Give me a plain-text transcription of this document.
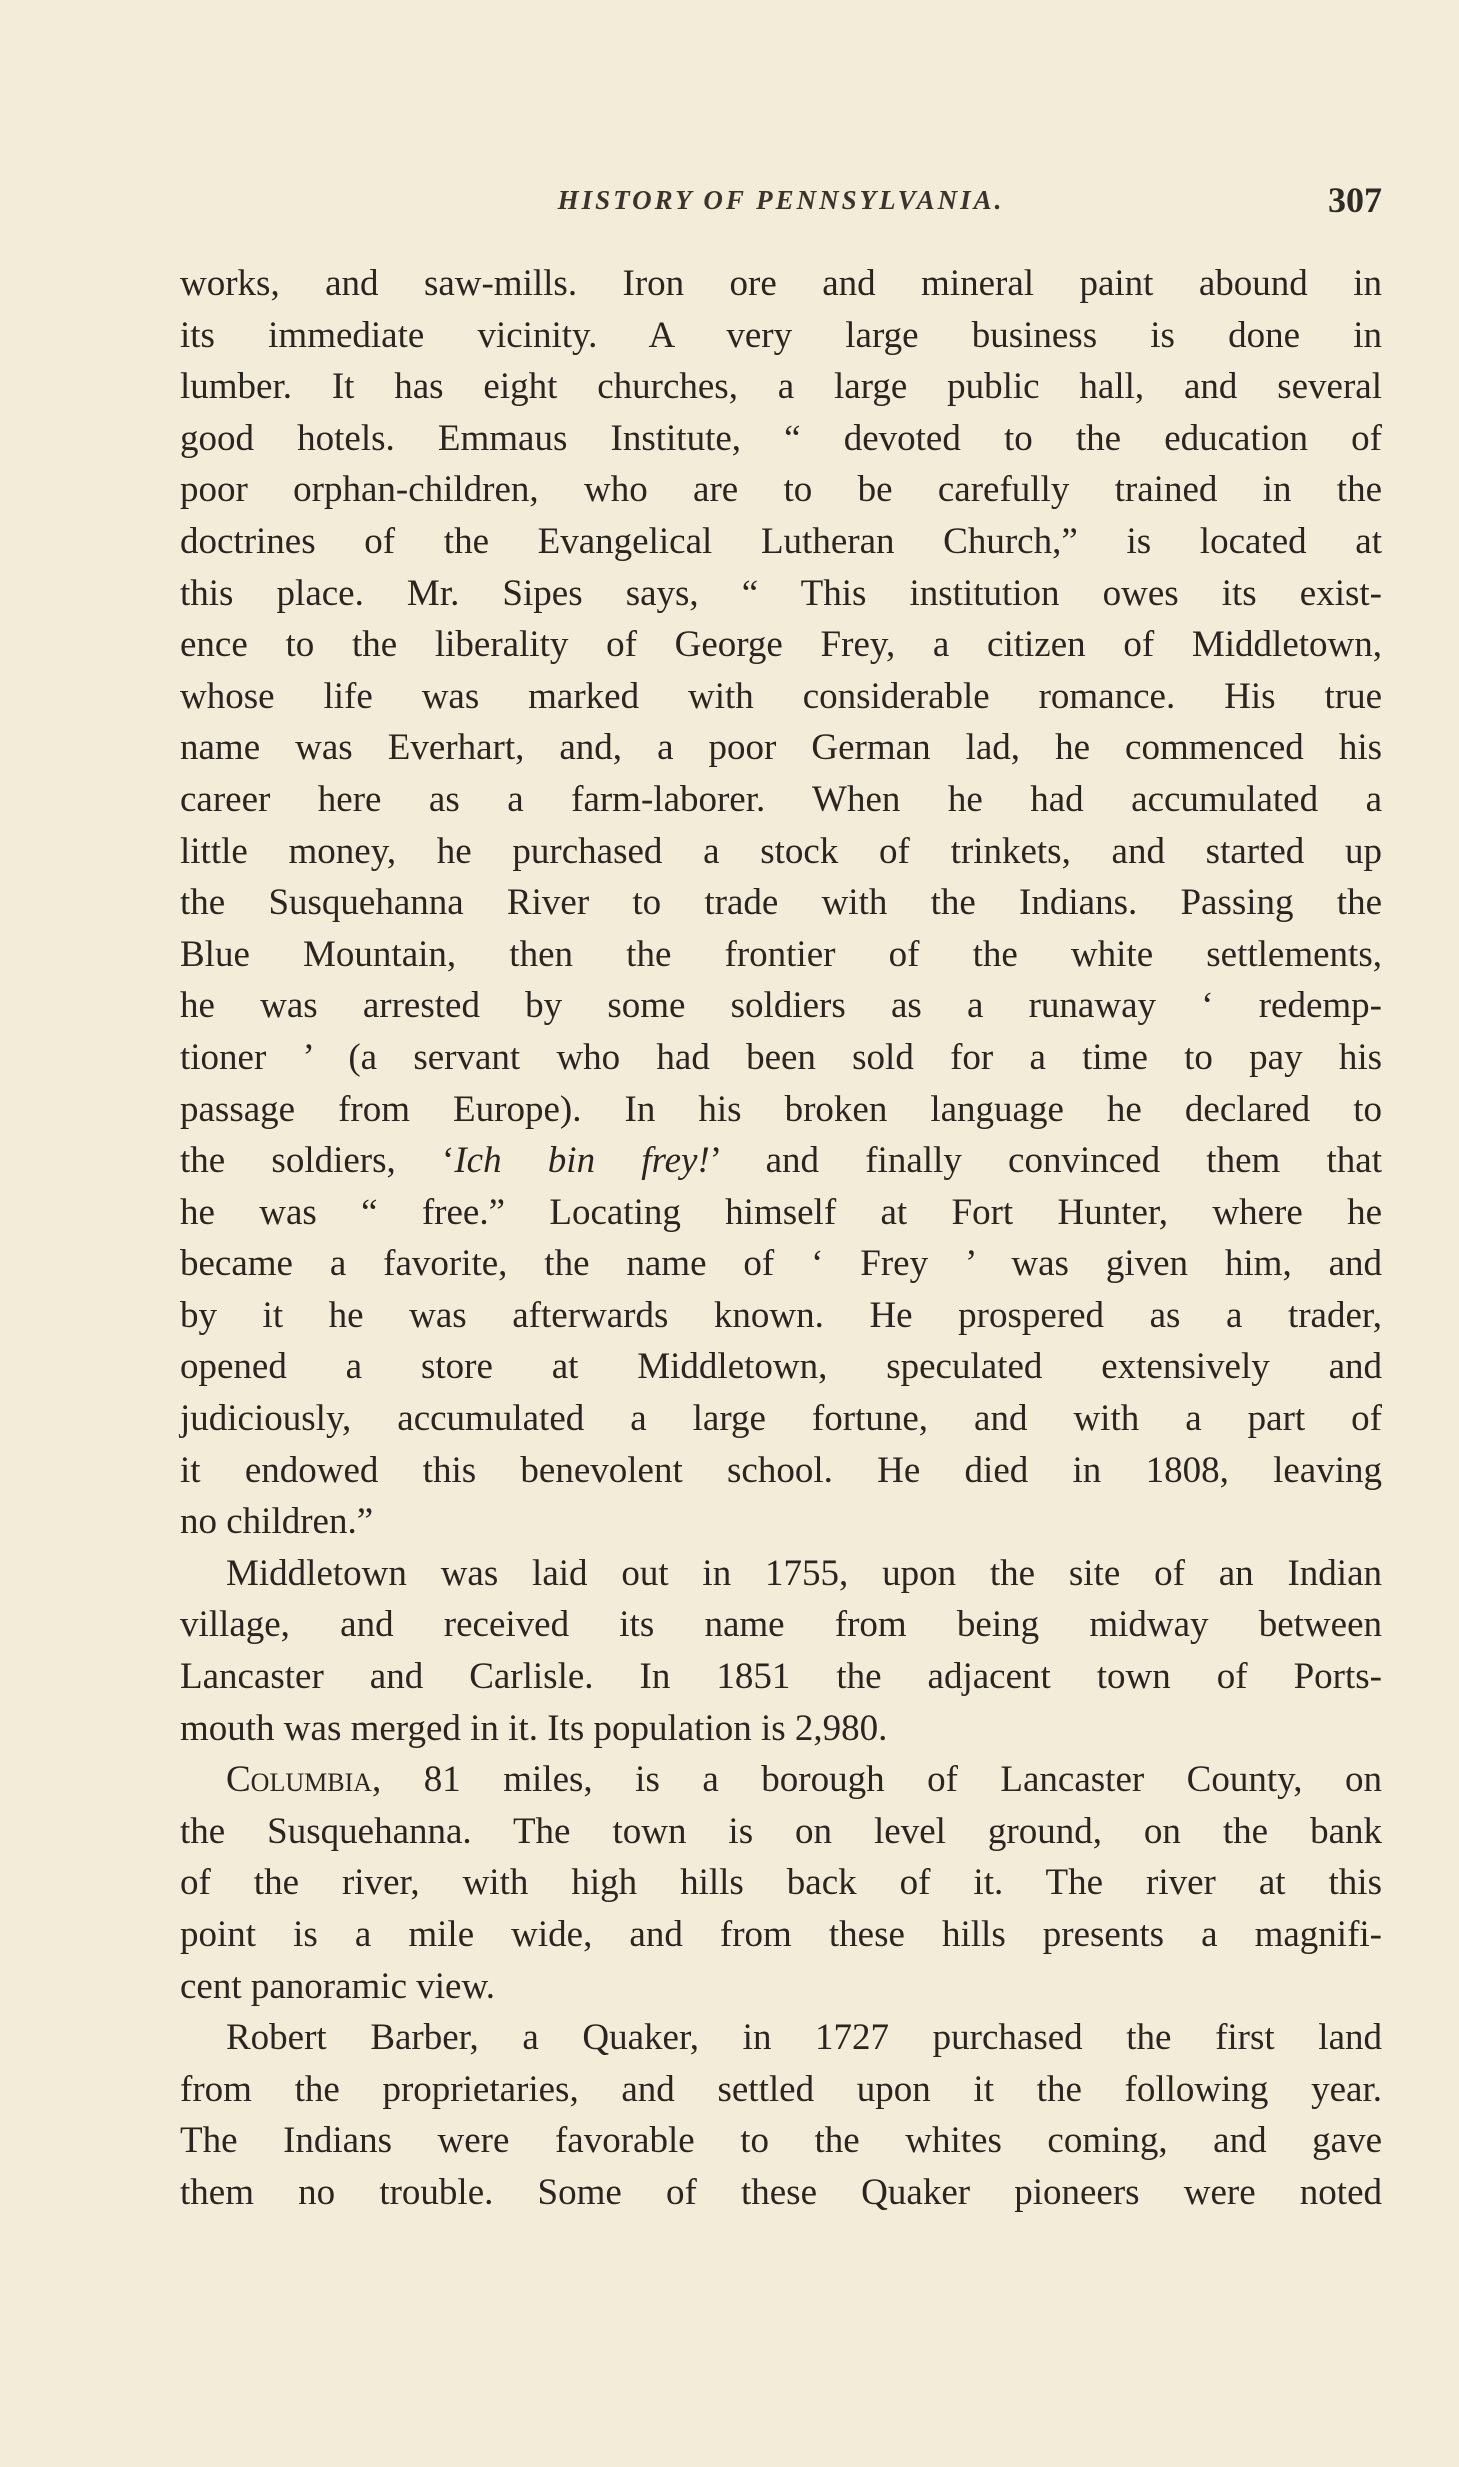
HISTORY OF PENNSYLVANIA.	307
works, and saw-mills. Iron ore and mineral paint abound in
its immediate vicinity. A very large business is done in
lumber. It has eight churches, a large public hall, and several
good hotels. Emmaus Institute, “ devoted to the education of
poor orphan-children, who are to be carefully trained in the
doctrines of the Evangelical Lutheran Church,” is located at
this place. Mr. Sipes says, “ This institution owes its exist-
ence to the liberality of George Frey, a citizen of Middletown,
whose life was marked with considerable romance. His true
name was Everhart, and, a poor German lad, he commenced his
career here as a farm-laborer. When he had accumulated a
little money, he purchased a stock of trinkets, and started up
the Susquehanna River to trade with the Indians. Passing the
Blue Mountain, then the frontier of the white settlements,
he was arrested by some soldiers as a runaway ‘ redemp-
tioner ’ (a servant who had been sold for a time to pay his
passage from Europe). In his broken language he declared to
the soldiers, ‘Ich bin frey!’ and finally convinced them that
he was “ free.” Locating himself at Fort Hunter, where he
became a favorite, the name of ‘ Frey ’ was given him, and
by it he was afterwards known. He prospered as a trader,
opened a store at Middletown, speculated extensively and
judiciously, accumulated a large fortune, and with a part of
it endowed this benevolent school. He died in 1808, leaving
no children.”
Middletown was laid out in 1755, upon the site of an Indian
village, and received its name from being midway between
Lancaster and Carlisle. In 1851 the adjacent town of Ports-
mouth was merged in it. Its population is 2,980.
Columbia, 81 miles, is a borough of Lancaster County, on
the Susquehanna. The town is on level ground, on the bank
of the river, with high hills back of it. The river at this
point is a mile wide, and from these hills presents a magnifi-
cent panoramic view.
Robert Barber, a Quaker, in 1727 purchased the first land
from the proprietaries, and settled upon it the following year.
The Indians were favorable to the whites coming, and gave
them no trouble. Some of these Quaker pioneers were noted
